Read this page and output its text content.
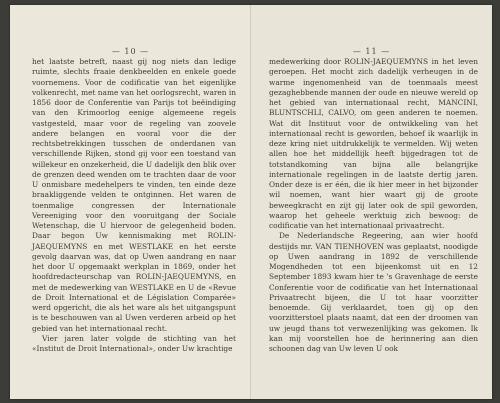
— 10 —

het laatste betreft, naast gij nog niets dan ledige ruimte, slechts fraaie denkbeelden en enkele goede voornemens. Voor de codificatie van het eigenlijke volkenrecht, met name van het oorlogsrecht, waren in 1856 door de Conferentie van Parijs tot beëindiging van den Krimoorlog eenige algemeene regels vastgesteld, maar voor de regeling van zoovele andere belangen en vooral voor die der rechtsbetrekkingen tusschen de onderdanen van verschillende Rijken, stond gij voor een toestand van willekeur en onzekerheid, die U dadelijk den blik over de grenzen deed wenden om te trachten daar de voor U onmisbare medehelpers te vinden, ten einde deze braakliggende velden te ontginnen. Het waren de toenmalige congressen der Internationale Vereeniging voor den vooruitgang der Sociale Wetenschap, die U hiervoor de gelegenheid boden. Daar begon Uw kennismaking met ROLIN-JAEQUEMYNS en met WESTLAKE en het eerste gevolg daarvan was, dat op Uwen aandrang en naar het door U opgemaakt werkplan in 1869, onder het hoofdredacteurschap van ROLIN-JAEQUEMYNS, en met de medewerking van WESTLAKE en U de «Revue de Droit International et de Législation Comparée» werd opgericht, die als het ware als het uitgangspunt is te beschouwen van al Uwen verderen arbeid op het gebied van het internationaal recht.

Vier jaren later volgde de stichting van het «Institut de Droit International», onder Uw krachtige

— 11 —

medewerking door ROLIN-JAEQUEMYNS in het leven geroepen. Het mocht zich dadelijk verheugen in de warme ingenomenheid van de toenmaals meest gezaghebbende mannen der oude en nieuwe wereld op het gebied van internationaal recht, MANCINI, BLUNTSCHLI, CALVO, om geen anderen te noemen. Wat dit Instituut voor de ontwikkeling van het internationaal recht is geworden, behoef ik waarlijk in deze kring niet uitdrukkelijk te vermelden. Wij weten allen hoe het middellijk heeft bijgedragen tot de totstandkoming van bijna alle belangrijke internationale regelingen in de laatste dertig jaren. Onder deze is er één, die ik hier meer in het bijzonder wil noemen, want hier waart gij de groote beweegkracht en zijt gij later ook de spil geworden, waarop het geheele werktuig zich bewoog: de codificatie van het internationaal privaatrecht.

De Nederlandsche Regeering, aan wier hoofd destijds mr. VAN TIENHOVEN was geplaatst, noodigde op Uwen aandrang in 1892 de verschillende Mogendheden tot een bijeenkomst uit en 12 September 1893 kwam hier te 's Gravenhage de eerste Conferentie voor de codificatie van het Internationaal Privaatrecht bijeen, die U tot haar voorzitter benoemde. Gij verklaardet, toen gij op den voorzitterstoel plaats naamt, dat een der droomen van uw jeugd thans tot verwezenlijking was gekomen. Ik kan mij voorstellen hoe de herinnering aan dien schoonen dag van Uw leven U ook
